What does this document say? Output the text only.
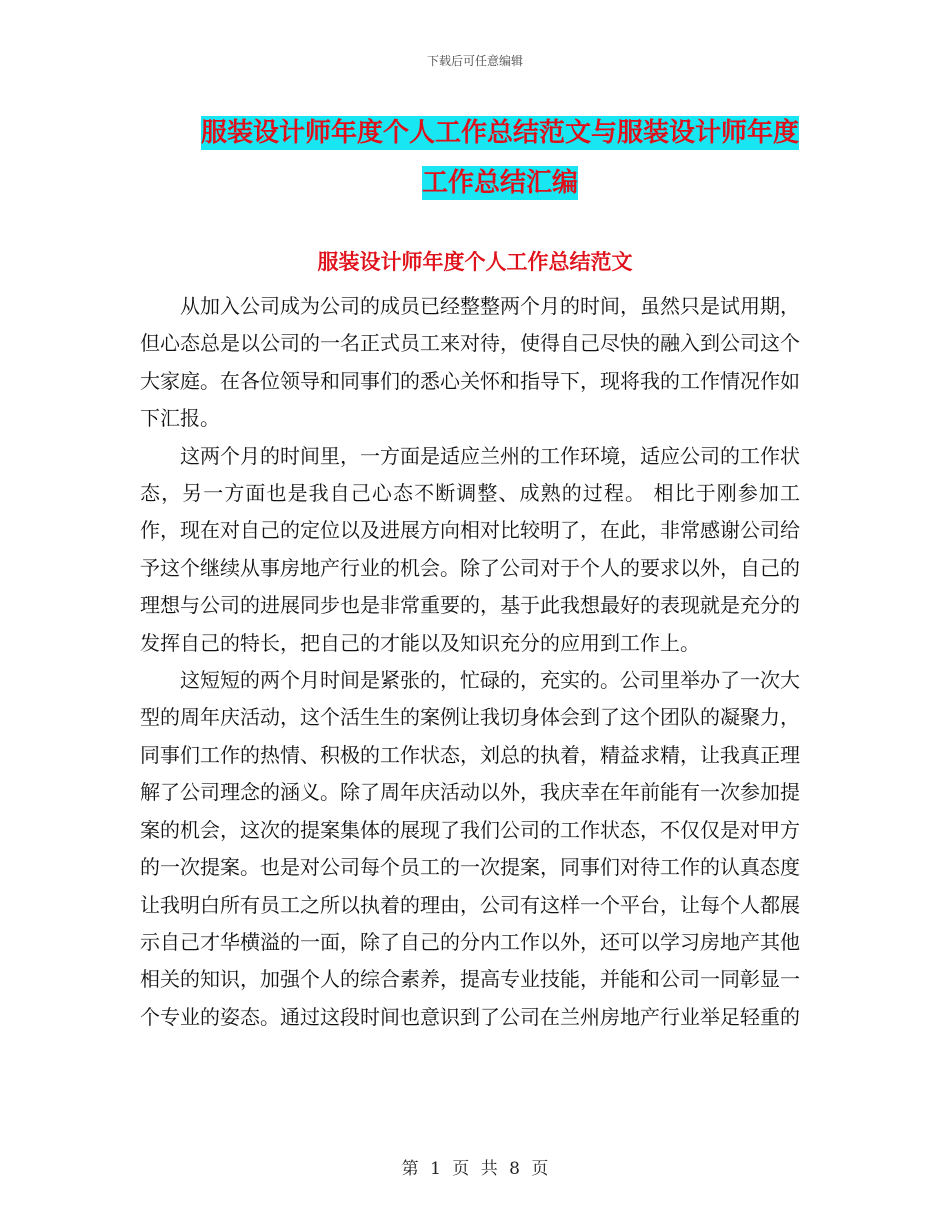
下载后可任意编辑
服装设计师年度个人工作总结范文与服装设计师年度
工作总结汇编
服装设计师年度个人工作总结范文

从加入公司成为公司的成员已经整整两个月的时间，虽然只是试用期，但心态总是以公司的一名正式员工来对待，使得自己尽快的融入到公司这个大家庭。在各位领导和同事们的悉心关怀和指导下，现将我的工作情况作如下汇报。

这两个月的时间里，一方面是适应兰州的工作环境，适应公司的工作状态，另一方面也是我自己心态不断调整、成熟的过程。 相比于刚参加工作，现在对自己的定位以及进展方向相对比较明了，在此，非常感谢公司给予这个继续从事房地产行业的机会。除了公司对于个人的要求以外，自己的理想与公司的进展同步也是非常重要的，基于此我想最好的表现就是充分的发挥自己的特长，把自己的才能以及知识充分的应用到工作上。

这短短的两个月时间是紧张的，忙碌的，充实的。公司里举办了一次大型的周年庆活动，这个活生生的案例让我切身体会到了这个团队的凝聚力，同事们工作的热情、积极的工作状态，刘总的执着，精益求精，让我真正理解了公司理念的涵义。除了周年庆活动以外，我庆幸在年前能有一次参加提案的机会，这次的提案集体的展现了我们公司的工作状态，不仅仅是对甲方的一次提案。也是对公司每个员工的一次提案，同事们对待工作的认真态度让我明白所有员工之所以执着的理由，公司有这样一个平台，让每个人都展示自己才华横溢的一面，除了自己的分内工作以外，还可以学习房地产其他相关的知识，加强个人的综合素养，提高专业技能，并能和公司一同彰显一个专业的姿态。通过这段时间也意识到了公司在兰州房地产行业举足轻重的

第 1 页 共 8 页
